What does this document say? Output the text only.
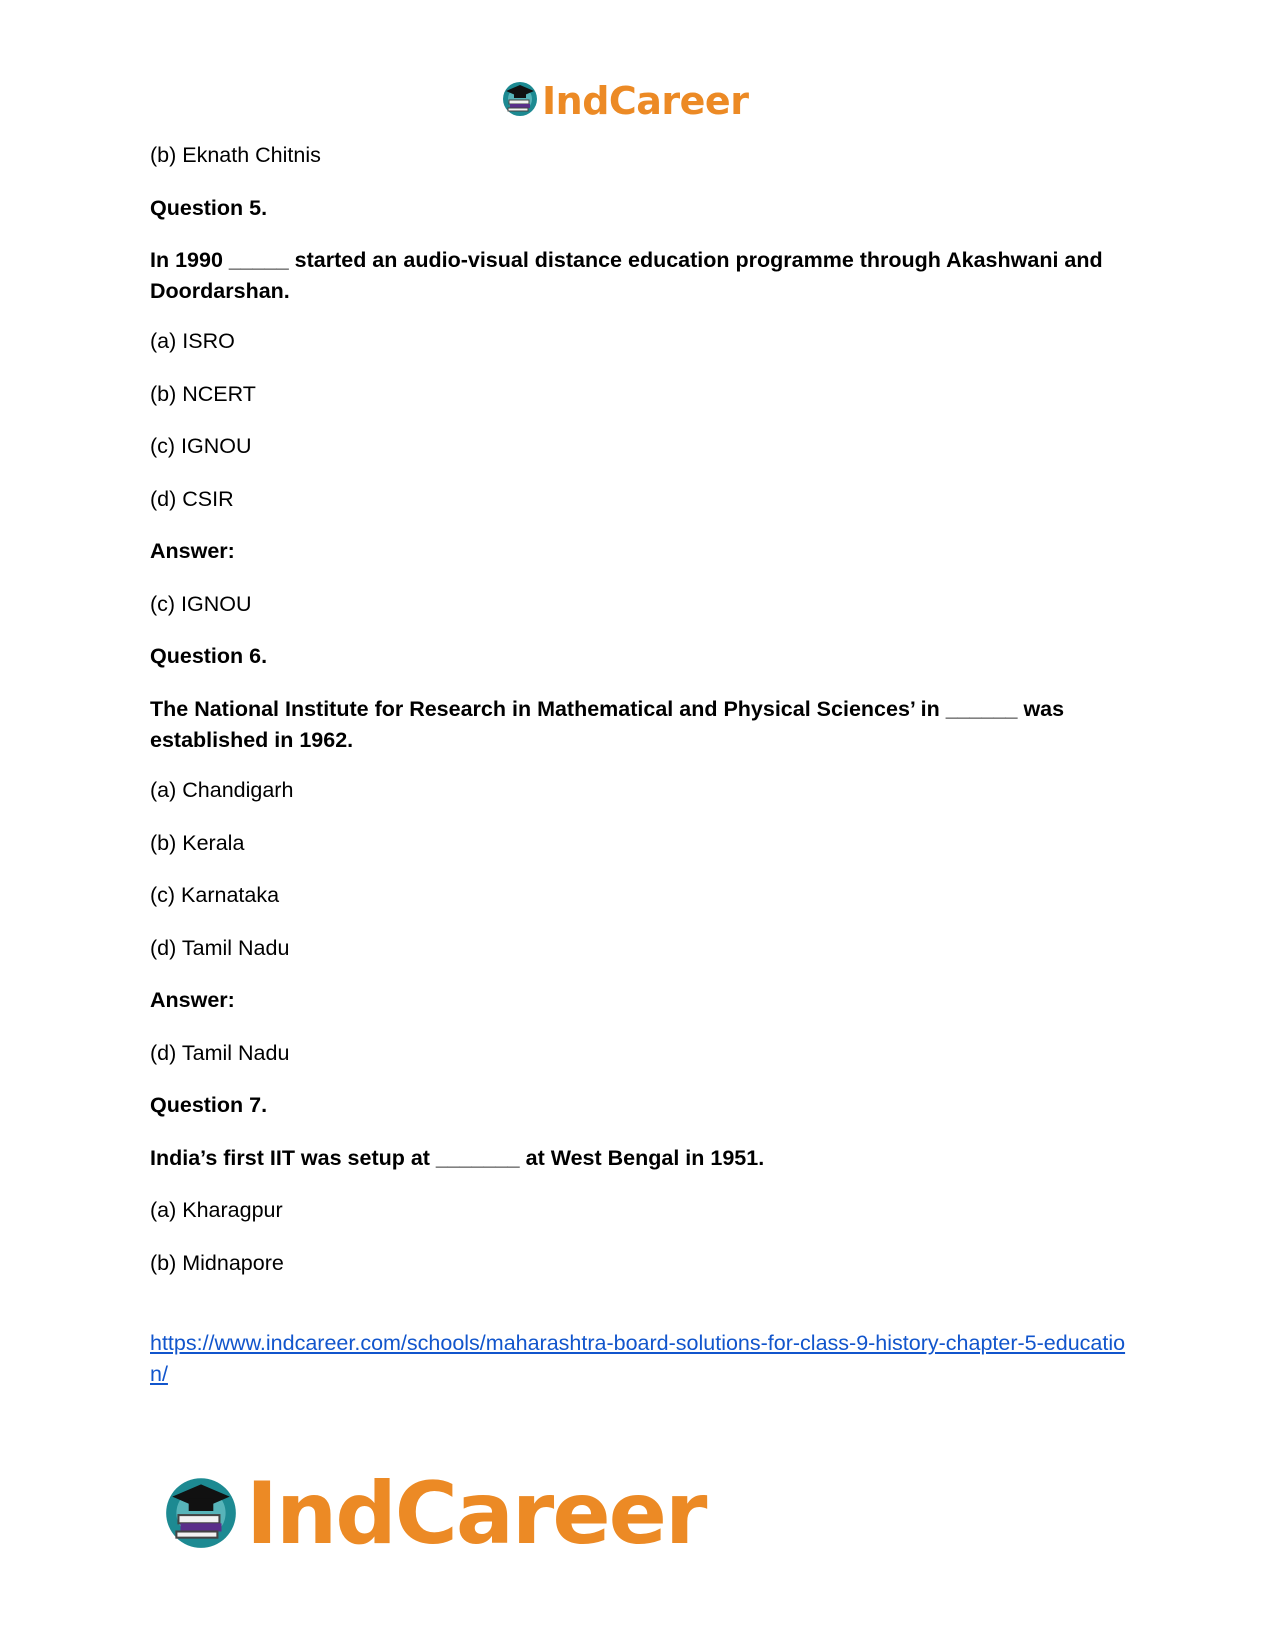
IndCareer
(b) Eknath Chitnis
Question 5.
In 1990 _____ started an audio-visual distance education programme through Akashwani and Doordarshan.
(a) ISRO
(b) NCERT
(c) IGNOU
(d) CSIR
Answer:
(c) IGNOU
Question 6.
The National Institute for Research in Mathematical and Physical Sciences’ in ______ was established in 1962.
(a) Chandigarh
(b) Kerala
(c) Karnataka
(d) Tamil Nadu
Answer:
(d) Tamil Nadu
Question 7.
India’s first IIT was setup at _______ at West Bengal in 1951.
(a) Kharagpur
(b) Midnapore
https://www.indcareer.com/schools/maharashtra-board-solutions-for-class-9-history-chapter-5-education/
IndCareer
